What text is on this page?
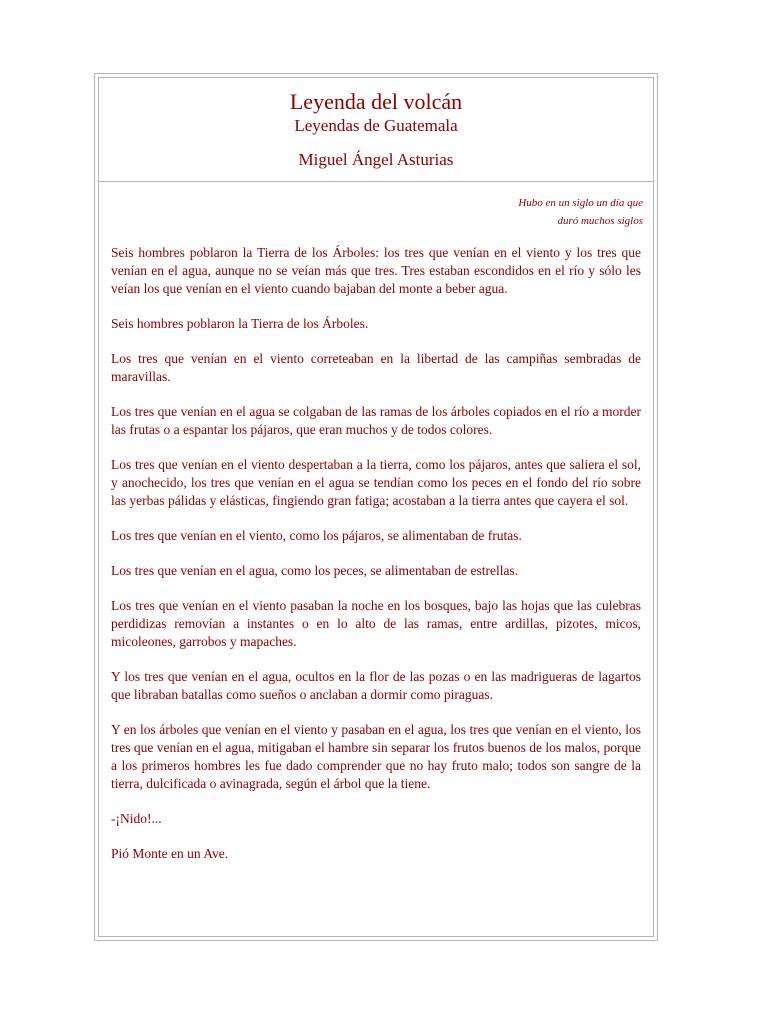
Leyenda del volcán
Leyendas de Guatemala
Miguel Ángel Asturias
Hubo en un siglo un día que
duró muchos siglos

Seis hombres poblaron la Tierra de los Árboles: los tres que venían en el viento y los tres que venían en el agua, aunque no se veían más que tres. Tres estaban escondidos en el río y sólo les veían los que venían en el viento cuando bajaban del monte a beber agua.

Seis hombres poblaron la Tierra de los Árboles.

Los tres que venían en el viento correteaban en la libertad de las campiñas sembradas de maravillas.

Los tres que venían en el agua se colgaban de las ramas de los árboles copiados en el río a morder las frutas o a espantar los pájaros, que eran muchos y de todos colores.

Los tres que venían en el viento despertaban a la tierra, como los pájaros, antes que saliera el sol, y anochecido, los tres que venían en el agua se tendían como los peces en el fondo del río sobre las yerbas pálidas y elásticas, fingiendo gran fatiga; acostaban a la tierra antes que cayera el sol.

Los tres que venían en el viento, como los pájaros, se alimentaban de frutas.

Los tres que venían en el agua, como los peces, se alimentaban de estrellas.

Los tres que venían en el viento pasaban la noche en los bosques, bajo las hojas que las culebras perdidizas removían a instantes o en lo alto de las ramas, entre ardillas, pizotes, micos, micoleones, garrobos y mapaches.

Y los tres que venían en el agua, ocultos en la flor de las pozas o en las madrigueras de lagartos que libraban batallas como sueños o anclaban a dormir como piraguas.

Y en los árboles que venían en el viento y pasaban en el agua, los tres que venían en el viento, los tres que venían en el agua, mitigaban el hambre sin separar los frutos buenos de los malos, porque a los primeros hombres les fue dado comprender que no hay fruto malo; todos son sangre de la tierra, dulcificada o avinagrada, según el árbol que la tiene.

-¡Nido!...

Pió Monte en un Ave.
